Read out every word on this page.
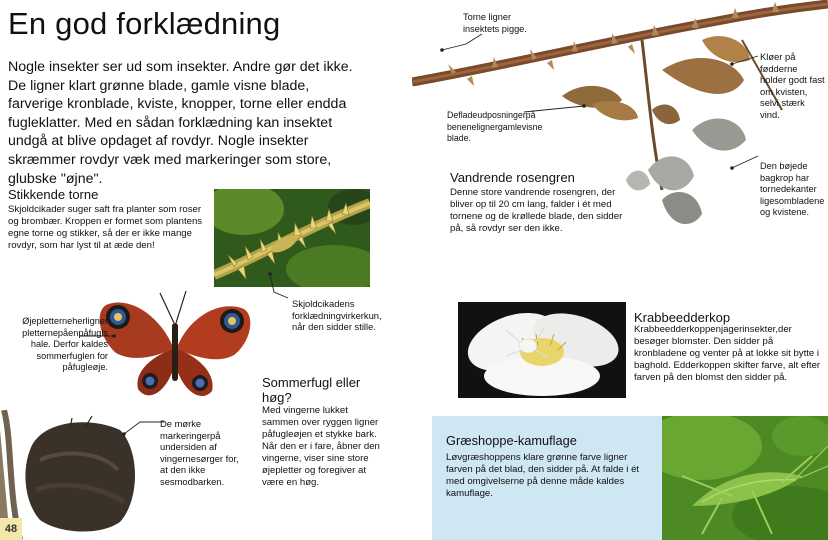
En god forklædning
Nogle insekter ser ud som insekter. Andre gør det ikke. De ligner klart grønne blade, gamle visne blade, farverige kronblade, kviste, knopper, torne eller endda fugleklatter. Med en sådan forklædning kan insektet undgå at blive opdaget af rovdyr. Nogle insekter skræmmer rovdyr væk med markeringer som store, glubske "øjne".
Stikkende torne
Skjoldcikader suger saft fra planter som roser og brombær. Kroppen er formet som plantens egne torne og stikker, så der er ikke mange rovdyr, som har lyst til at æde den!
Skjoldcikadens forklædningvirkerkun, når den sidder stille.
Øjepletterneherligner pletternepåenpåfugls hale. Derfor kaldes sommerfuglen for påfugleøje.
De mørke markeringerpå undersiden af vingernesørger for, at den ikke sesmodbarken.
Sommerfugl eller høg?
Med vingerne lukket sammen over ryggen ligner påfugleøjen et stykke bark. Når den er i fare, åbner den vingerne, viser sine store øjepletter og foregiver at være en høg.
48
Torne ligner insektets pigge.
Defladeudposningerpå benenelignergamlevisne blade.
Kløer på fødderne holder godt fast om kvisten, selvi stærk vind.
Den bøjede bagkrop har tornedekanter ligesombladene og kvistene.
Vandrende rosengren
Denne store vandrende rosengren, der bliver op til 20 cm lang, falder i ét med tornene og de krøllede blade, den sidder på, så rovdyr ser den ikke.
Krabbeedderkop
Krabbeedderkoppenjagerinsekter,der besøger blomster. Den sidder på kronbladene og venter på at lokke sit bytte i baghold. Edderkoppen skifter farve, alt efter farven på den blomst den sidder på.
Græshoppe-kamuflage
Løvgræshoppens klare grønne farve ligner farven på det blad, den sidder på. At falde i ét med omgivelserne på denne måde kaldes kamuflage.
